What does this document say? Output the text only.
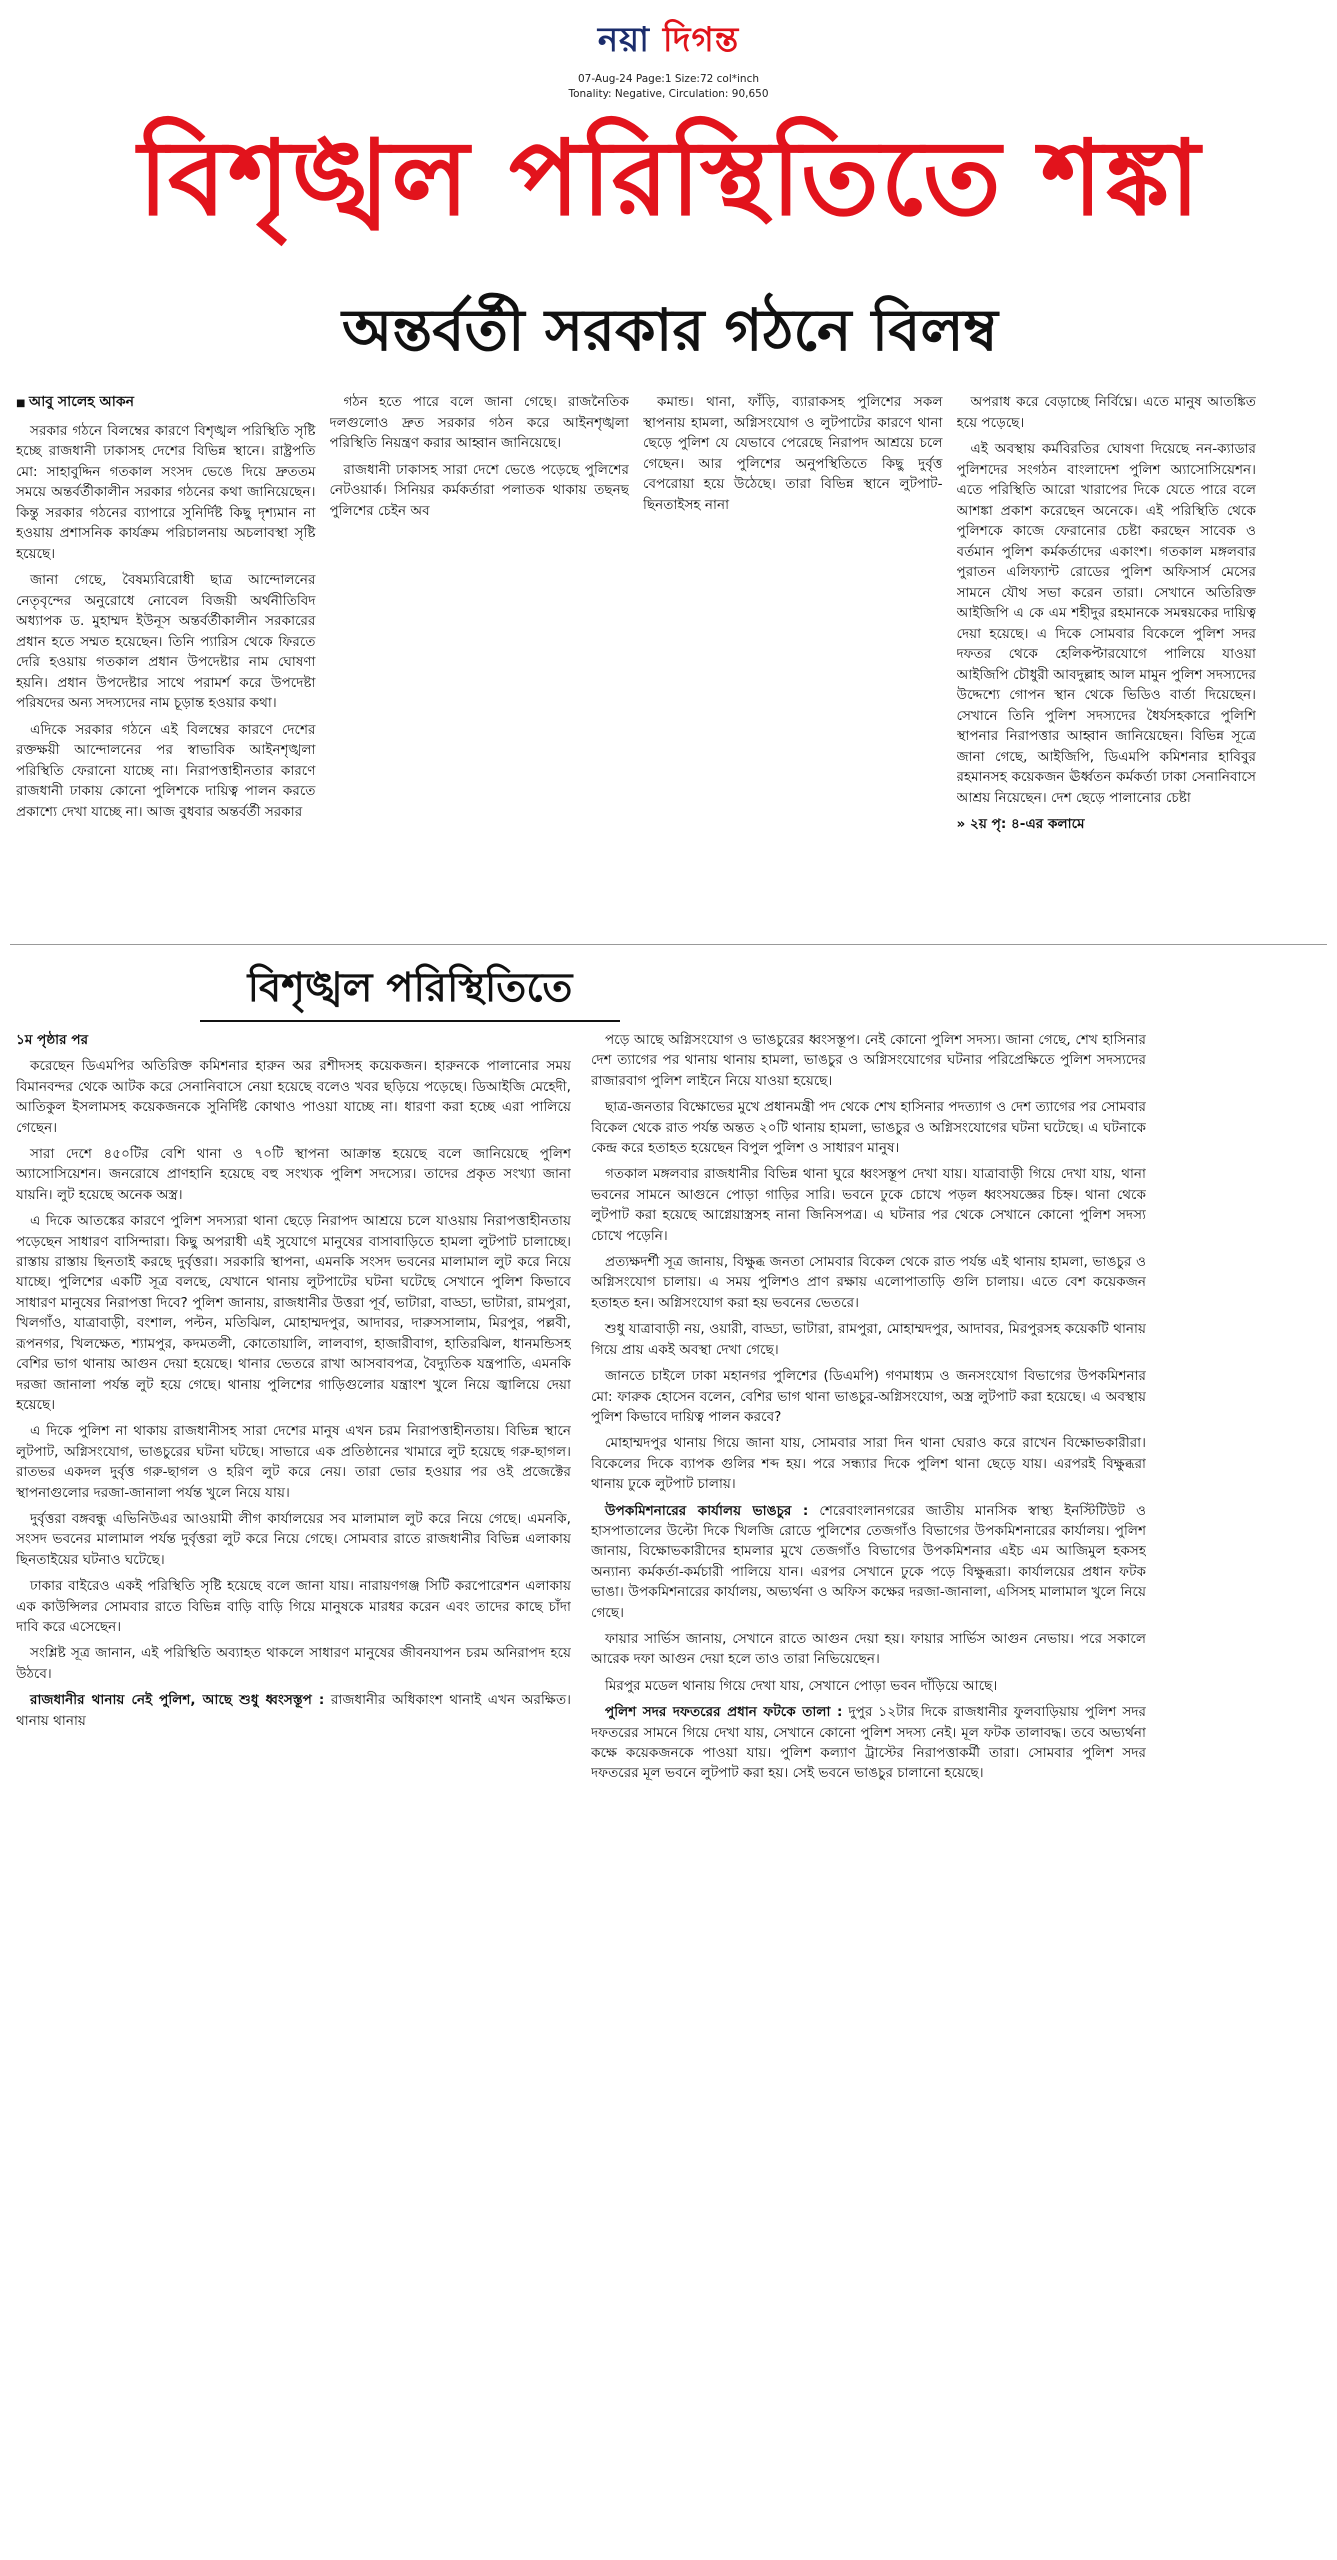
নয়া দিগন্ত
07-Aug-24 Page:1 Size:72 col*inch
Tonality: Negative, Circulation: 90,650
বিশৃঙ্খল পরিস্থিতিতে শঙ্কা
অন্তর্বর্তী সরকার গঠনে বিলম্ব

■ আবু সালেহ আকন

সরকার গঠনে বিলম্বের কারণে বিশৃঙ্খল পরিস্থিতি সৃষ্টি হচ্ছে রাজধানী ঢাকাসহ দেশের বিভিন্ন স্থানে। রাষ্ট্রপতি মো: সাহাবুদ্দিন গতকাল সংসদ ভেঙে দিয়ে দ্রুততম সময়ে অন্তর্বর্তীকালীন সরকার গঠনের কথা জানিয়েছেন। কিন্তু সরকার গঠনের ব্যাপারে সুনির্দিষ্ট কিছু দৃশ্যমান না হওয়ায় প্রশাসনিক কার্যক্রম পরিচালনায় অচলাবস্থা সৃষ্টি হয়েছে।

জানা গেছে, বৈষম্যবিরোধী ছাত্র আন্দোলনের নেতৃবৃন্দের অনুরোধে নোবেল বিজয়ী অর্থনীতিবিদ অধ্যাপক ড. মুহাম্মদ ইউনূস অন্তর্বর্তীকালীন সরকারের প্রধান হতে সম্মত হয়েছেন। তিনি প্যারিস থেকে ফিরতে দেরি হওয়ায় গতকাল প্রধান উপদেষ্টার নাম ঘোষণা হয়নি। প্রধান উপদেষ্টার সাথে পরামর্শ করে উপদেষ্টা পরিষদের অন্য সদস্যদের নাম চূড়ান্ত হওয়ার কথা।

এদিকে সরকার গঠনে এই বিলম্বের কারণে দেশের রক্তক্ষয়ী আন্দোলনের পর স্বাভাবিক আইনশৃঙ্খলা পরিস্থিতি ফেরানো যাচ্ছে না। নিরাপত্তাহীনতার কারণে রাজধানী ঢাকায় কোনো পুলিশকে দায়িত্ব পালন করতে প্রকাশ্যে দেখা যাচ্ছে না। আজ বুধবার অন্তর্বর্তী সরকার

গঠন হতে পারে বলে জানা গেছে। রাজনৈতিক দলগুলোও দ্রুত সরকার গঠন করে আইনশৃঙ্খলা পরিস্থিতি নিয়ন্ত্রণ করার আহ্বান জানিয়েছে।

রাজধানী ঢাকাসহ সারা দেশে ভেঙে পড়েছে পুলিশের নেটওয়ার্ক। সিনিয়র কর্মকর্তারা পলাতক থাকায় তছনছ পুলিশের চেইন অব

কমান্ড। থানা, ফাঁড়ি, ব্যারাকসহ পুলিশের সকল স্থাপনায় হামলা, অগ্নিসংযোগ ও লুটপাটের কারণে থানা ছেড়ে পুলিশ যে যেভাবে পেরেছে নিরাপদ আশ্রয়ে চলে গেছেন। আর পুলিশের অনুপস্থিতিতে কিছু দুর্বৃত্ত বেপরোয়া হয়ে উঠেছে। তারা বিভিন্ন স্থানে লুটপাট-ছিনতাইসহ নানা

অপরাধ করে বেড়াচ্ছে নির্বিঘ্নে। এতে মানুষ আতঙ্কিত হয়ে পড়েছে।

এই অবস্থায় কর্মবিরতির ঘোষণা দিয়েছে নন-ক্যাডার পুলিশদের সংগঠন বাংলাদেশ পুলিশ অ্যাসোসিয়েশন। এতে পরিস্থিতি আরো খারাপের দিকে যেতে পারে বলে আশঙ্কা প্রকাশ করেছেন অনেকে। এই পরিস্থিতি থেকে পুলিশকে কাজে ফেরানোর চেষ্টা করছেন সাবেক ও বর্তমান পুলিশ কর্মকর্তাদের একাংশ। গতকাল মঙ্গলবার পুরাতন এলিফ্যান্ট রোডের পুলিশ অফিসার্স মেসের সামনে যৌথ সভা করেন তারা। সেখানে অতিরিক্ত আইজিপি এ কে এম শহীদুর রহমানকে সমন্বয়কের দায়িত্ব দেয়া হয়েছে। এ দিকে সোমবার বিকেলে পুলিশ সদর দফতর থেকে হেলিকপ্টারযোগে পালিয়ে যাওয়া আইজিপি চৌধুরী আবদুল্লাহ আল মামুন পুলিশ সদস্যদের উদ্দেশ্যে গোপন স্থান থেকে ভিডিও বার্তা দিয়েছেন। সেখানে তিনি পুলিশ সদস্যদের ধৈর্যসহকারে পুলিশি স্থাপনার নিরাপত্তার আহ্বান জানিয়েছেন। বিভিন্ন সূত্রে জানা গেছে, আইজিপি, ডিএমপি কমিশনার হাবিবুর রহমানসহ কয়েকজন ঊর্ধ্বতন কর্মকর্তা ঢাকা সেনানিবাসে আশ্রয় নিয়েছেন। দেশ ছেড়ে পালানোর চেষ্টা

» ২য় পৃ: ৪-এর কলামে

বিশৃঙ্খল পরিস্থিতিতে

১ম পৃষ্ঠার পর

করেছেন ডিএমপির অতিরিক্ত কমিশনার হারুন অর রশীদসহ কয়েকজন। হারুনকে পালানোর সময় বিমানবন্দর থেকে আটক করে সেনানিবাসে নেয়া হয়েছে বলেও খবর ছড়িয়ে পড়েছে। ডিআইজি মেহেদী, আতিকুল ইসলামসহ কয়েকজনকে সুনির্দিষ্ট কোথাও পাওয়া যাচ্ছে না। ধারণা করা হচ্ছে এরা পালিয়ে গেছেন।

সারা দেশে ৪৫০টির বেশি থানা ও ৭০টি স্থাপনা আক্রান্ত হয়েছে বলে জানিয়েছে পুলিশ অ্যাসোসিয়েশন। জনরোষে প্রাণহানি হয়েছে বহু সংখ্যক পুলিশ সদস্যের। তাদের প্রকৃত সংখ্যা জানা যায়নি। লুট হয়েছে অনেক অস্ত্র।

এ দিকে আতঙ্কের কারণে পুলিশ সদস্যরা থানা ছেড়ে নিরাপদ আশ্রয়ে চলে যাওয়ায় নিরাপত্তাহীনতায় পড়েছেন সাধারণ বাসিন্দারা। কিছু অপরাধী এই সুযোগে মানুষের বাসাবাড়িতে হামলা লুটপাট চালাচ্ছে। রাস্তায় রাস্তায় ছিনতাই করছে দুর্বৃত্তরা। সরকারি স্থাপনা, এমনকি সংসদ ভবনের মালামাল লুট করে নিয়ে যাচ্ছে। পুলিশের একটি সূত্র বলছে, যেখানে থানায় লুটপাটের ঘটনা ঘটেছে সেখানে পুলিশ কিভাবে সাধারণ মানুষের নিরাপত্তা দিবে? পুলিশ জানায়, রাজধানীর উত্তরা পূর্ব, ভাটারা, বাড্ডা, ভাটারা, রামপুরা, খিলগাঁও, যাত্রাবাড়ী, বংশাল, পল্টন, মতিঝিল, মোহাম্মদপুর, আদাবর, দারুসসালাম, মিরপুর, পল্লবী, রূপনগর, খিলক্ষেত, শ্যামপুর, কদমতলী, কোতোয়ালি, লালবাগ, হাজারীবাগ, হাতিরঝিল, ধানমন্ডিসহ বেশির ভাগ থানায় আগুন দেয়া হয়েছে। থানার ভেতরে রাখা আসবাবপত্র, বৈদ্যুতিক যন্ত্রপাতি, এমনকি দরজা জানালা পর্যন্ত লুট হয়ে গেছে। থানায় পুলিশের গাড়িগুলোর যন্ত্রাংশ খুলে নিয়ে জ্বালিয়ে দেয়া হয়েছে।

এ দিকে পুলিশ না থাকায় রাজধানীসহ সারা দেশের মানুষ এখন চরম নিরাপত্তাহীনতায়। বিভিন্ন স্থানে লুটপাট, অগ্নিসংযোগ, ভাঙচুরের ঘটনা ঘটছে। সাভারে এক প্রতিষ্ঠানের খামারে লুট হয়েছে গরু-ছাগল। রাতভর একদল দুর্বৃত্ত গরু-ছাগল ও হরিণ লুট করে নেয়। তারা ভোর হওয়ার পর ওই প্রজেক্টের স্থাপনাগুলোর দরজা-জানালা পর্যন্ত খুলে নিয়ে যায়।

দুর্বৃত্তরা বঙ্গবন্ধু এভিনিউএর আওয়ামী লীগ কার্যালয়ের সব মালামাল লুট করে নিয়ে গেছে। এমনকি, সংসদ ভবনের মালামাল পর্যন্ত দুর্বৃত্তরা লুট করে নিয়ে গেছে। সোমবার রাতে রাজধানীর বিভিন্ন এলাকায় ছিনতাইয়ের ঘটনাও ঘটেছে।

ঢাকার বাইরেও একই পরিস্থিতি সৃষ্টি হয়েছে বলে জানা যায়। নারায়ণগঞ্জ সিটি করপোরেশন এলাকায় এক কাউন্সিলর সোমবার রাতে বিভিন্ন বাড়ি বাড়ি গিয়ে মানুষকে মারধর করেন এবং তাদের কাছে চাঁদা দাবি করে এসেছেন।

সংশ্লিষ্ট সূত্র জানান, এই পরিস্থিতি অব্যাহত থাকলে সাধারণ মানুষের জীবনযাপন চরম অনিরাপদ হয়ে উঠবে।

রাজধানীর থানায় নেই পুলিশ, আছে শুধু ধ্বংসস্তূপ : রাজধানীর অধিকাংশ থানাই এখন অরক্ষিত। থানায় থানায়

পড়ে আছে অগ্নিসংযোগ ও ভাঙচুরের ধ্বংসস্তূপ। নেই কোনো পুলিশ সদস্য। জানা গেছে, শেখ হাসিনার দেশ ত্যাগের পর থানায় থানায় হামলা, ভাঙচুর ও অগ্নিসংযোগের ঘটনার পরিপ্রেক্ষিতে পুলিশ সদস্যদের রাজারবাগ পুলিশ লাইনে নিয়ে যাওয়া হয়েছে।

ছাত্র-জনতার বিক্ষোভের মুখে প্রধানমন্ত্রী পদ থেকে শেখ হাসিনার পদত্যাগ ও দেশ ত্যাগের পর সোমবার বিকেল থেকে রাত পর্যন্ত অন্তত ২০টি থানায় হামলা, ভাঙচুর ও অগ্নিসংযোগের ঘটনা ঘটেছে। এ ঘটনাকে কেন্দ্র করে হতাহত হয়েছেন বিপুল পুলিশ ও সাধারণ মানুষ।

গতকাল মঙ্গলবার রাজধানীর বিভিন্ন থানা ঘুরে ধ্বংসস্তূপ দেখা যায়। যাত্রাবাড়ী গিয়ে দেখা যায়, থানা ভবনের সামনে আগুনে পোড়া গাড়ির সারি। ভবনে ঢুকে চোখে পড়ল ধ্বংসযজ্ঞের চিহ্ন। থানা থেকে লুটপাট করা হয়েছে আগ্নেয়াস্ত্রসহ নানা জিনিসপত্র। এ ঘটনার পর থেকে সেখানে কোনো পুলিশ সদস্য চোখে পড়েনি।

প্রত্যক্ষদর্শী সূত্র জানায়, বিক্ষুব্ধ জনতা সোমবার বিকেল থেকে রাত পর্যন্ত এই থানায় হামলা, ভাঙচুর ও অগ্নিসংযোগ চালায়। এ সময় পুলিশও প্রাণ রক্ষায় এলোপাতাড়ি গুলি চালায়। এতে বেশ কয়েকজন হতাহত হন। অগ্নিসংযোগ করা হয় ভবনের ভেতরে।

শুধু যাত্রাবাড়ী নয়, ওয়ারী, বাড্ডা, ভাটারা, রামপুরা, মোহাম্মদপুর, আদাবর, মিরপুরসহ কয়েকটি থানায় গিয়ে প্রায় একই অবস্থা দেখা গেছে।

জানতে চাইলে ঢাকা মহানগর পুলিশের (ডিএমপি) গণমাধ্যম ও জনসংযোগ বিভাগের উপকমিশনার মো: ফারুক হোসেন বলেন, বেশির ভাগ থানা ভাঙচুর-অগ্নিসংযোগ, অস্ত্র লুটপাট করা হয়েছে। এ অবস্থায় পুলিশ কিভাবে দায়িত্ব পালন করবে?

মোহাম্মদপুর থানায় গিয়ে জানা যায়, সোমবার সারা দিন থানা ঘেরাও করে রাখেন বিক্ষোভকারীরা। বিকেলের দিকে ব্যাপক গুলির শব্দ হয়। পরে সন্ধ্যার দিকে পুলিশ থানা ছেড়ে যায়। এরপরই বিক্ষুব্ধরা থানায় ঢুকে লুটপাট চালায়।

উপকমিশনারের কার্যালয় ভাঙচুর : শেরেবাংলানগরের জাতীয় মানসিক স্বাস্থ্য ইনস্টিটিউট ও হাসপাতালের উল্টো দিকে খিলজি রোডে পুলিশের তেজগাঁও বিভাগের উপকমিশনারের কার্যালয়। পুলিশ জানায়, বিক্ষোভকারীদের হামলার মুখে তেজগাঁও বিভাগের উপকমিশনার এইচ এম আজিমুল হকসহ অন্যান্য কর্মকর্তা-কর্মচারী পালিয়ে যান। এরপর সেখানে ঢুকে পড়ে বিক্ষুব্ধরা। কার্যালয়ের প্রধান ফটক ভাঙা। উপকমিশনারের কার্যালয়, অভ্যর্থনা ও অফিস কক্ষের দরজা-জানালা, এসিসহ মালামাল খুলে নিয়ে গেছে।

ফায়ার সার্ভিস জানায়, সেখানে রাতে আগুন দেয়া হয়। ফায়ার সার্ভিস আগুন নেভায়। পরে সকালে আরেক দফা আগুন দেয়া হলে তাও তারা নিভিয়েছেন।

মিরপুর মডেল থানায় গিয়ে দেখা যায়, সেখানে পোড়া ভবন দাঁড়িয়ে আছে।

পুলিশ সদর দফতরের প্রধান ফটকে তালা : দুপুর ১২টার দিকে রাজধানীর ফুলবাড়িয়ায় পুলিশ সদর দফতরের সামনে গিয়ে দেখা যায়, সেখানে কোনো পুলিশ সদস্য নেই। মূল ফটক তালাবদ্ধ। তবে অভ্যর্থনা কক্ষে কয়েকজনকে পাওয়া যায়। পুলিশ কল্যাণ ট্রাস্টের নিরাপত্তাকর্মী তারা। সোমবার পুলিশ সদর দফতরের মূল ভবনে লুটপাট করা হয়। সেই ভবনে ভাঙচুর চালানো হয়েছে।
